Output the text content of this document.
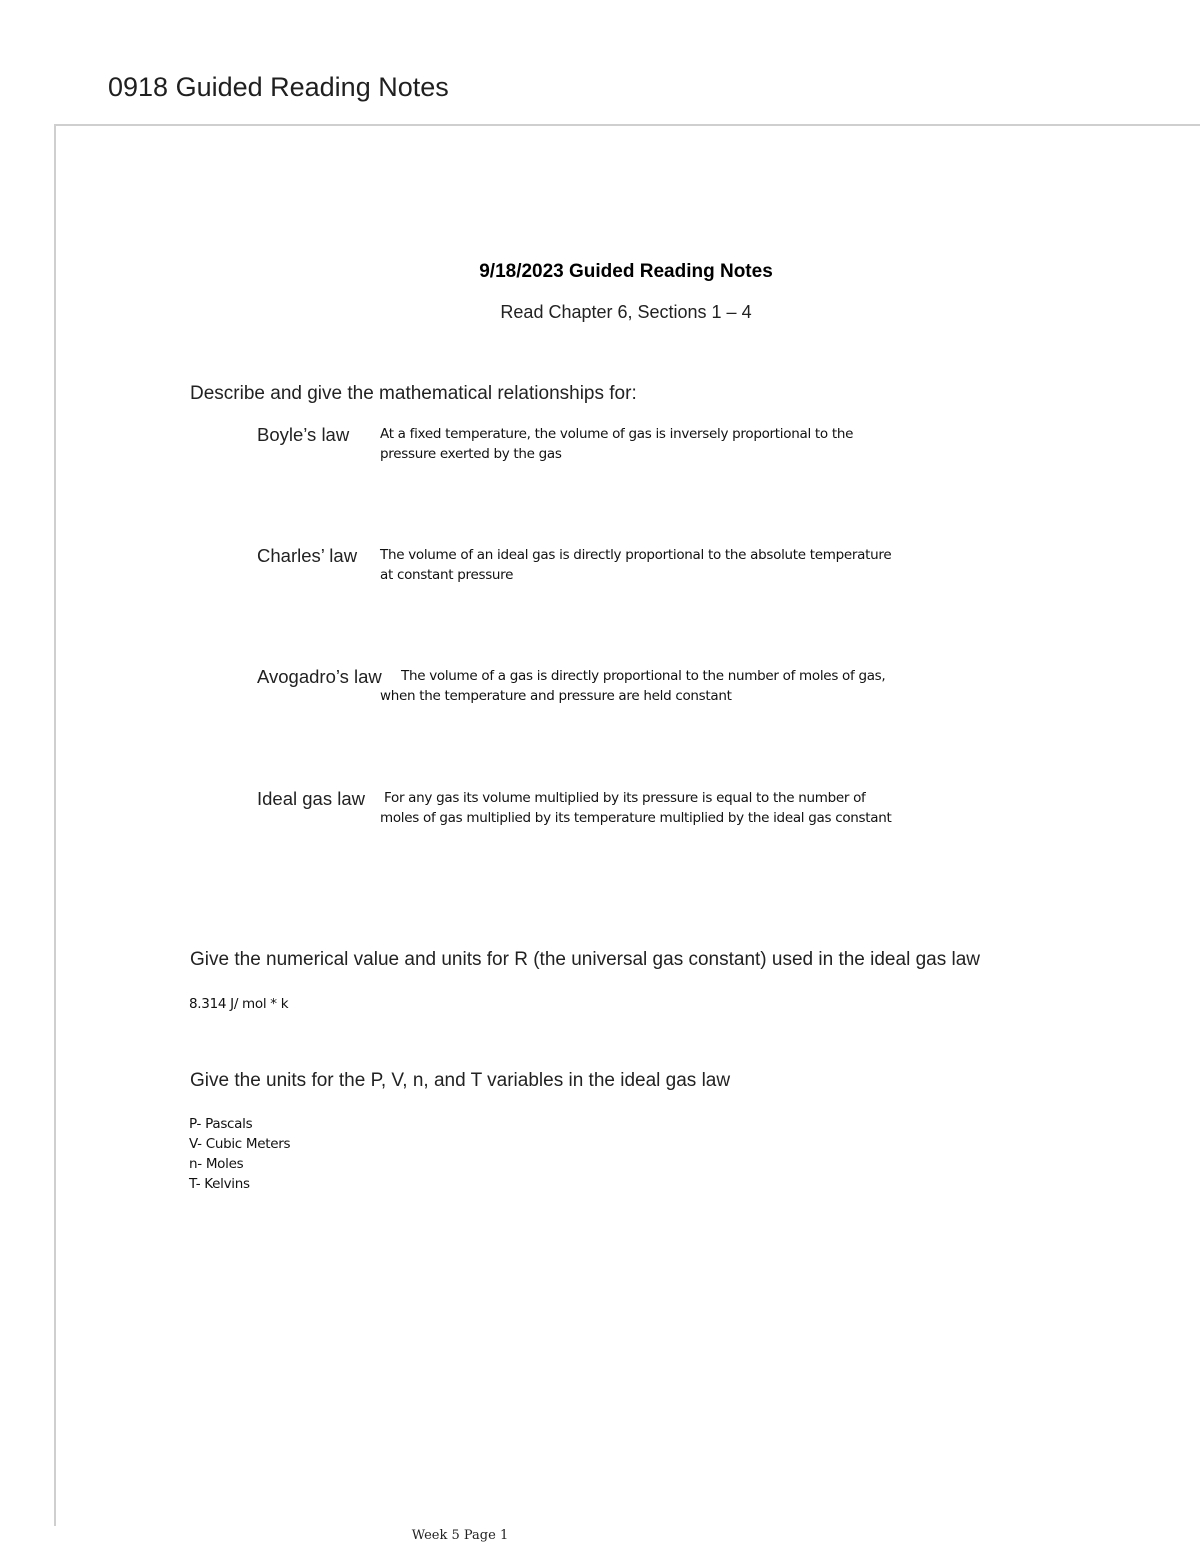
0918 Guided Reading Notes
9/18/2023 Guided Reading Notes
Read Chapter 6, Sections 1 – 4
Describe and give the mathematical relationships for:
Boyle’s law At a fixed temperature, the volume of gas is inversely proportional to the
pressure exerted by the gas
Charles’ law The volume of an ideal gas is directly proportional to the absolute temperature
at constant pressure
Avogadro’s law	The volume of a gas is directly proportional to the number of moles of gas,
when the temperature and pressure are held constant
Ideal gas law For any gas its volume multiplied by its pressure is equal to the number of
moles of gas multiplied by its temperature multiplied by the ideal gas constant
Give the numerical value and units for R (the universal gas constant) used in the ideal gas law
8.314 J/ mol * k
Give the units for the P, V, n, and T variables in the ideal gas law
P- Pascals
V- Cubic Meters
n- Moles
T- Kelvins
Week 5 Page 1
